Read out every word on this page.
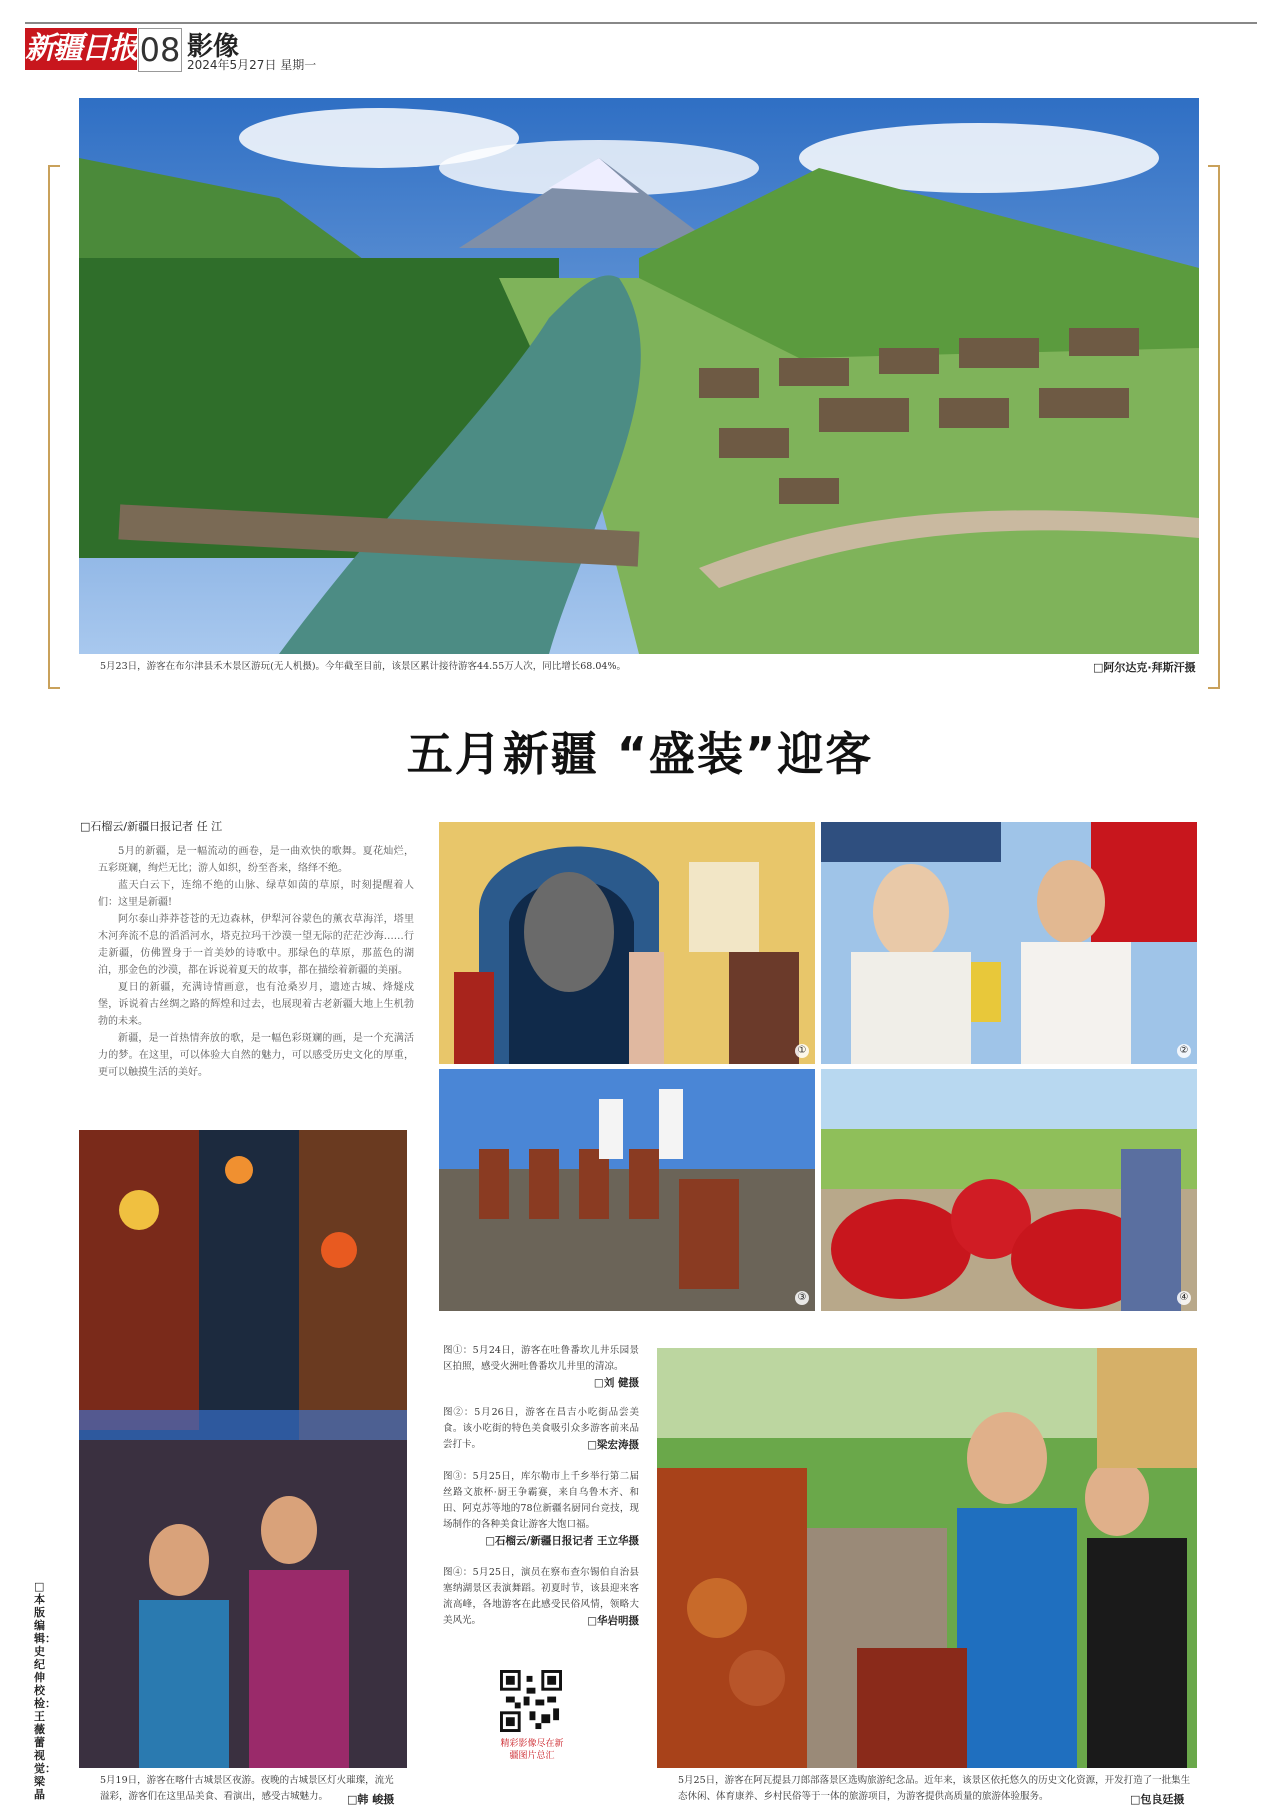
新疆日报 08 影像
2024年5月27日 星期一
5月23日，游客在布尔津县禾木景区游玩(无人机摄)。今年截至目前，该景区累计接待游客44.55万人次，同比增长68.04%。	□阿尔达克·拜斯汗摄
五月新疆 “盛装”迎客
□石榴云/新疆日报记者 任 江

5月的新疆，是一幅流动的画卷，是一曲欢快的歌舞。夏花灿烂，五彩斑斓，绚烂无比；游人如织，纷至沓来，络绎不绝。

蓝天白云下，连绵不绝的山脉、绿草如茵的草原，时刻提醒着人们：这里是新疆!

阿尔泰山莽莽苍苍的无边森林，伊犁河谷蒙色的薰衣草海洋，塔里木河奔流不息的滔滔河水，塔克拉玛干沙漠一望无际的茫茫沙海……行走新疆，仿佛置身于一首美妙的诗歌中。那绿色的草原，那蓝色的湖泊，那金色的沙漠，都在诉说着夏天的故事，都在描绘着新疆的美丽。

夏日的新疆，充满诗情画意，也有沧桑岁月，遗迹古城、烽燧戍堡，诉说着古丝绸之路的辉煌和过去，也展现着古老新疆大地上生机勃勃的未来。

新疆，是一首热情奔放的歌，是一幅色彩斑斓的画，是一个充满活力的梦。在这里，可以体验大自然的魅力，可以感受历史文化的厚重，更可以触摸生活的美好。

①	②
③	④
5月19日，游客在喀什古城景区夜游。夜晚的古城景区灯火璀璨，流光溢彩，游客们在这里品美食、看演出，感受古城魅力。	□韩 峻摄
图①：5月24日，游客在吐鲁番坎儿井乐园景区拍照，感受火洲吐鲁番坎儿井里的清凉。
□刘 健摄
图②：5月26日，游客在昌吉小吃街品尝美食。该小吃街的特色美食吸引众多游客前来品尝打卡。	□梁宏涛摄
图③：5月25日，库尔勒市上千乡举行第二届丝路文旅杯·厨王争霸赛，来自乌鲁木齐、和田、阿克苏等地的78位新疆名厨同台竞技，现场制作的各种美食让游客大饱口福。
□石榴云/新疆日报记者 王立华摄
图④：5月25日，演员在察布查尔锡伯自治县塞纳湖景区表演舞蹈。初夏时节，该县迎来客流高峰，各地游客在此感受民俗风情，领略大美风光。	□华岩明摄
精彩影像尽在新疆图片总汇
5月25日，游客在阿瓦提县刀郎部落景区选购旅游纪念品。近年来，该景区依托悠久的历史文化资源，开发打造了一批集生态休闲、体育康养、乡村民俗等于一体的旅游项目，为游客提供高质量的旅游体验服务。	□包良廷摄
□本版编辑：史纪伸 校检：王薇蕾 视觉：梁 晶
